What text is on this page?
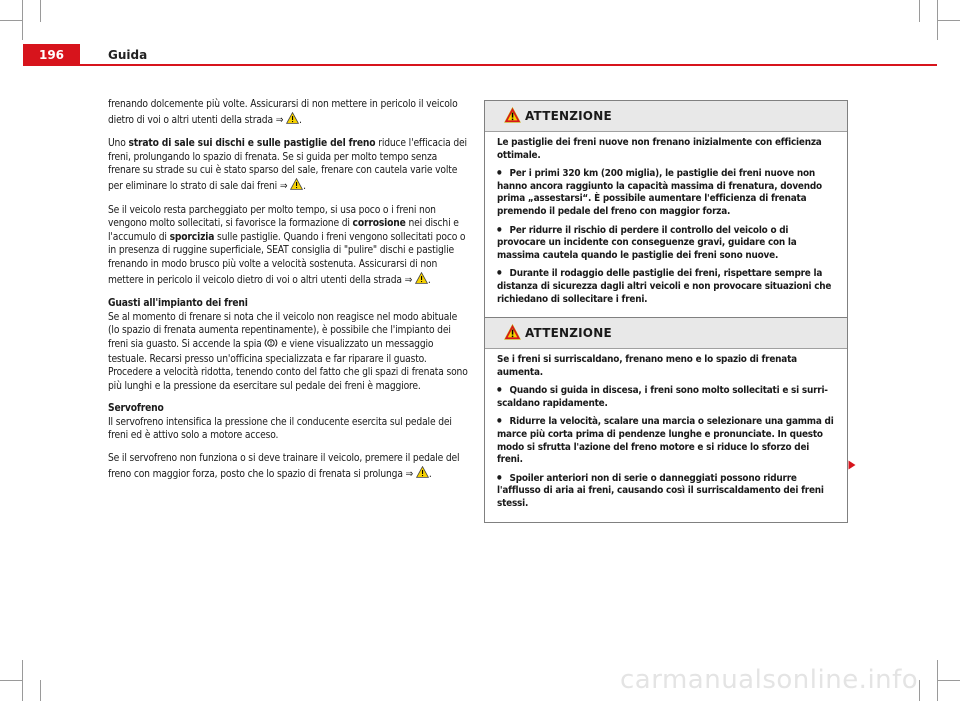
196	Guida

frenando dolcemente più volte. Assicurarsi di non mettere in pericolo il veicolo dietro di voi o altri utenti della strada ⇒ .

Uno strato di sale sui dischi e sulle pastiglie del freno riduce l'efficacia dei freni, prolungando lo spazio di frenata. Se si guida per molto tempo senza frenare su strade su cui è stato sparso del sale, frenare con cautela varie volte per eliminare lo strato di sale dai freni ⇒ .

Se il veicolo resta parcheggiato per molto tempo, si usa poco o i freni non vengono molto sollecitati, si favorisce la formazione di corrosione nei dischi e l'accumulo di sporcizia sulle pastiglie. Quando i freni vengono sollecitati poco o in presenza di ruggine superficiale, SEAT consiglia di "pulire" dischi e pastiglie frenando in modo brusco più volte a velocità sostenuta. Assicurarsi di non mettere in pericolo il veicolo dietro di voi o altri utenti della strada ⇒ .

Guasti all'impianto dei freni

Se al momento di frenare si nota che il veicolo non reagisce nel modo abituale (lo spazio di frenata aumenta repentinamente), è possibile che l'impianto dei freni sia guasto. Si accende la spia  e viene visualizzato un messaggio testuale. Recarsi presso un'officina specializzata e far riparare il guasto. Procedere a velocità ridotta, tenendo conto del fatto che gli spazi di frenata sono più lunghi e la pressione da esercitare sul pedale dei freni è maggiore.

Servofreno

Il servofreno intensifica la pressione che il conducente esercita sul pedale dei freni ed è attivo solo a motore acceso.

Se il servofreno non funziona o si deve trainare il veicolo, premere il pedale del freno con maggior forza, posto che lo spazio di frenata si prolunga ⇒ .

ATTENZIONE

Le pastiglie dei freni nuove non frenano inizialmente con efficienza ottimale.

● Per i primi 320 km (200 miglia), le pastiglie dei freni nuove non hanno ancora raggiunto la capacità massima di frenatura, dovendo prima „assestarsi“. È possibile aumentare l'efficienza di frenata premendo il pedale del freno con maggior forza.

● Per ridurre il rischio di perdere il controllo del veicolo o di provocare un incidente con conseguenze gravi, guidare con la massima cautela quando le pastiglie dei freni sono nuove.

● Durante il rodaggio delle pastiglie dei freni, rispettare sempre la distanza di sicurezza dagli altri veicoli e non provocare situazioni che richiedano di sollecitare i freni.

ATTENZIONE

Se i freni si surriscaldano, frenano meno e lo spazio di frenata aumenta.

● Quando si guida in discesa, i freni sono molto sollecitati e si surriscaldano rapidamente.

● Ridurre la velocità, scalare una marcia o selezionare una gamma di marce più corta prima di pendenze lunghe e pronunciate. In questo modo si sfrutta l'azione del freno motore e si riduce lo sforzo dei freni.

● Spoiler anteriori non di serie o danneggiati possono ridurre l'afflusso di aria ai freni, causando così il surriscaldamento dei freni stessi.

carmanualsonline.info
